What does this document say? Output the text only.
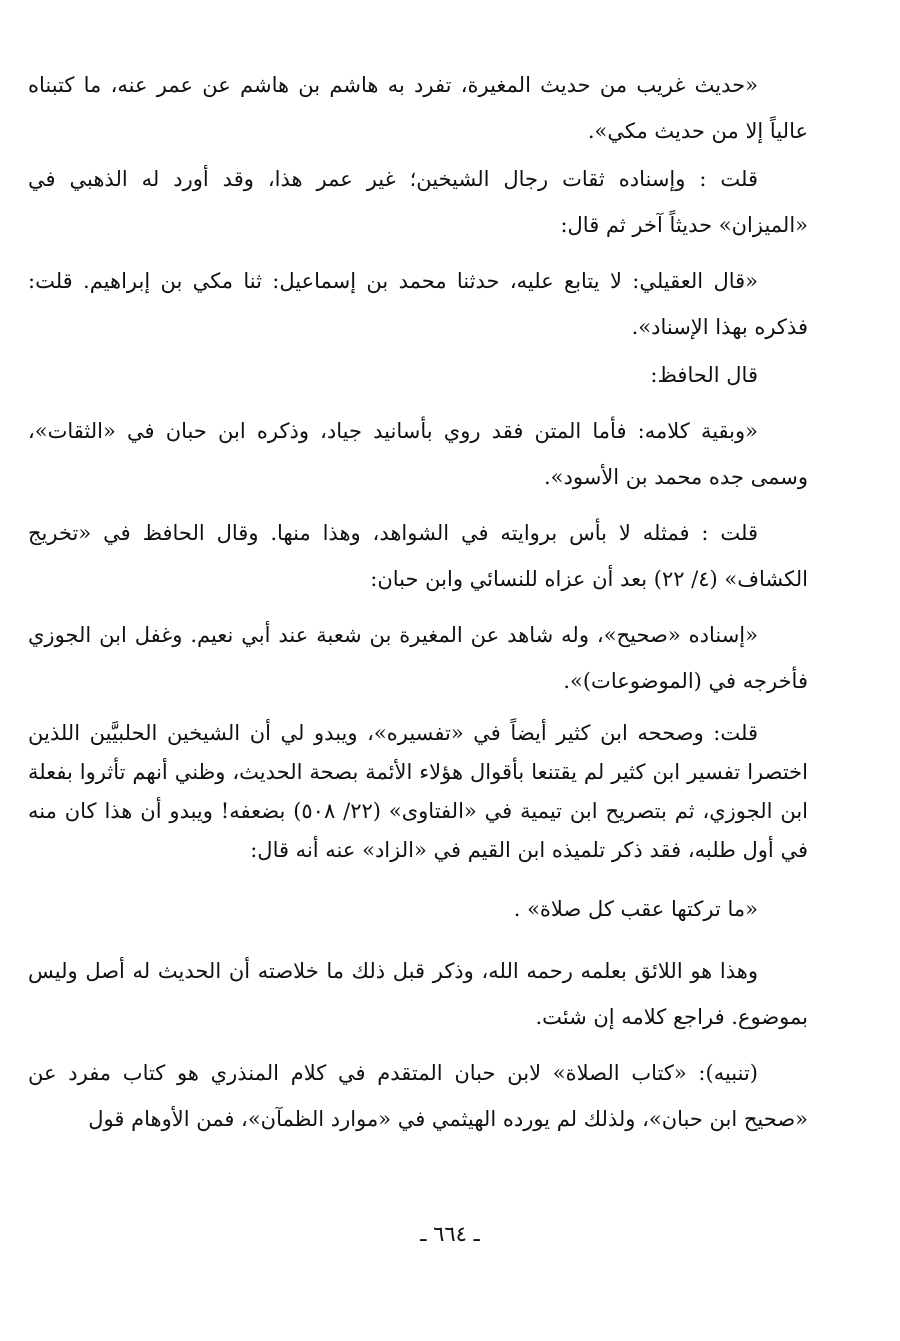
«حديث غريب من حديث المغيرة، تفرد به هاشم بن هاشم عن عمر عنه، ما كتبناه عالياً إلا من حديث مكي».

قلت : وإسناده ثقات رجال الشيخين؛ غير عمر هذا، وقد أورد له الذهبي في «الميزان» حديثاً آخر ثم قال:

«قال العقيلي: لا يتابع عليه، حدثنا محمد بن إسماعيل: ثنا مكي بن إبراهيم. قلت: فذكره بهذا الإسناد».

قال الحافظ:

«وبقية كلامه: فأما المتن فقد روي بأسانيد جياد، وذكره ابن حبان في «الثقات»، وسمى جده محمد بن الأسود».

قلت : فمثله لا بأس بروايته في الشواهد، وهذا منها. وقال الحافظ في «تخريج الكشاف» (٤/ ٢٢) بعد أن عزاه للنسائي وابن حبان:

«إسناده «صحيح»، وله شاهد عن المغيرة بن شعبة عند أبي نعيم. وغفل ابن الجوزي فأخرجه في (الموضوعات)».

قلت: وصححه ابن كثير أيضاً في «تفسيره»، ويبدو لي أن الشيخين الحلبيَّين اللذين اختصرا تفسير ابن كثير لم يقتنعا بأقوال هؤلاء الأئمة بصحة الحديث، وظني أنهم تأثروا بفعلة ابن الجوزي، ثم بتصريح ابن تيمية في «الفتاوى» (٢٢/ ٥٠٨) بضعفه! ويبدو أن هذا كان منه في أول طلبه، فقد ذكر تلميذه ابن القيم في «الزاد» عنه أنه قال:

«ما تركتها عقب كل صلاة» .

وهذا هو اللائق بعلمه رحمه الله، وذكر قبل ذلك ما خلاصته أن الحديث له أصل وليس بموضوع. فراجع كلامه إن شئت.

(تنبيه): «كتاب الصلاة» لابن حبان المتقدم في كلام المنذري هو كتاب مفرد عن «صحيح ابن حبان»، ولذلك لم يورده الهيثمي في «موارد الظمآن»، فمن الأوهام قول

ـ ٦٦٤ ـ
